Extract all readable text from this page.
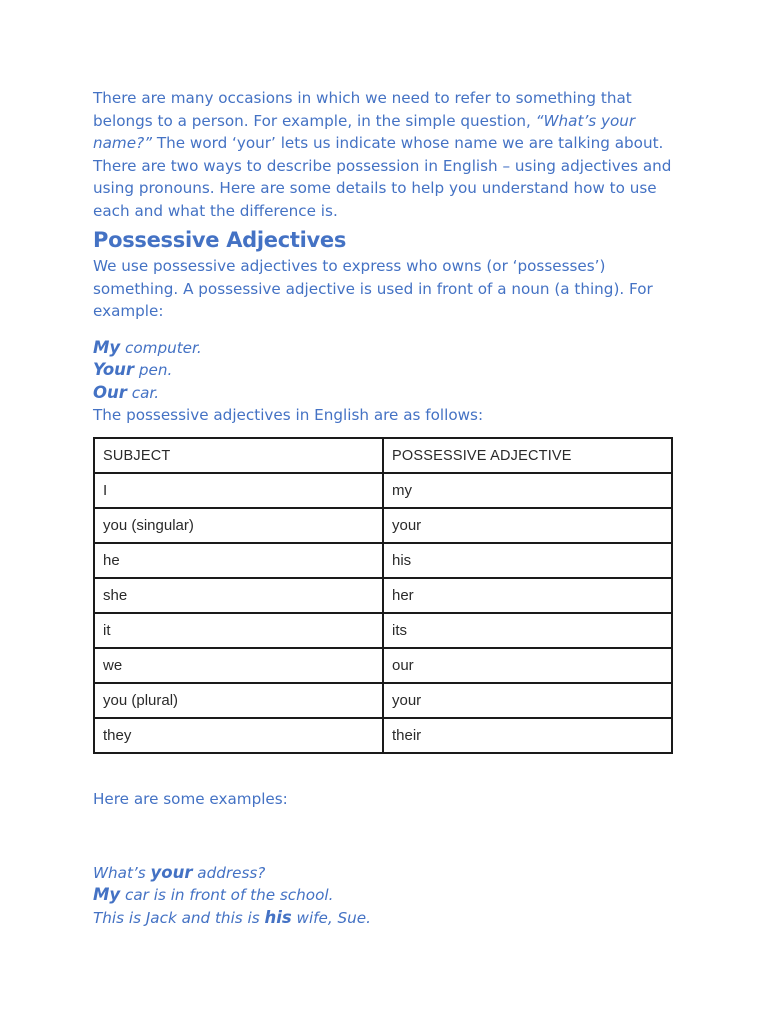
There are many occasions in which we need to refer to something that belongs to a person. For example, in the simple question, “What’s your name?” The word ‘your’ lets us indicate whose name we are talking about. There are two ways to describe possession in English – using adjectives and using pronouns. Here are some details to help you understand how to use each and what the difference is.

Possessive Adjectives

We use possessive adjectives to express who owns (or ‘possesses’) something. A possessive adjective is used in front of a noun (a thing). For example:

My computer.
Your pen.
Our car.
The possessive adjectives in English are as follows:
SUBJECT	POSSESSIVE ADJECTIVE
I	my
you (singular)	your
he	his
she	her
it	its
we	our
you (plural)	your
they	their
Here are some examples:
What’s your address?
My car is in front of the school.
This is Jack and this is his wife, Sue.
